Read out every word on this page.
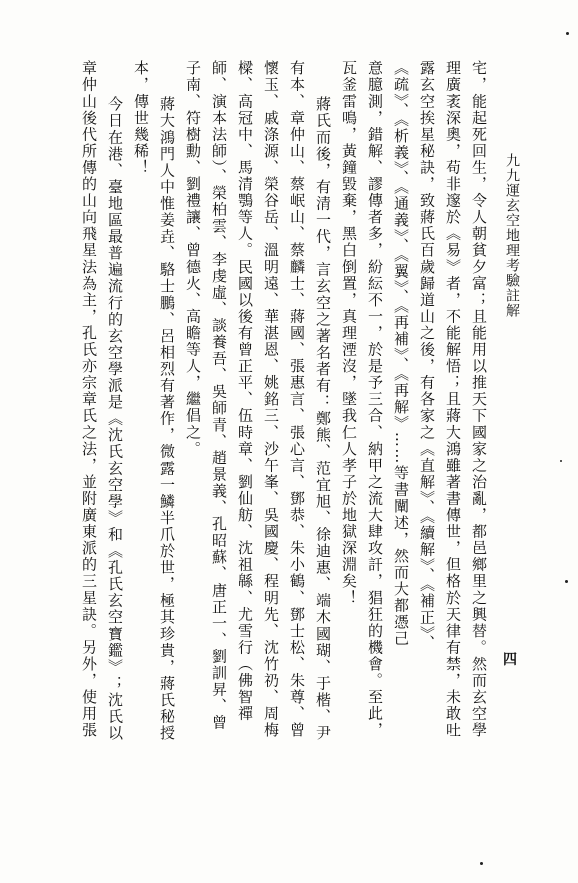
九九運玄空地理考驗註解
四
宅，能起死回生，令人朝貧夕富；且能用以推天下國家之治亂，都邑鄉里之興替。然而玄空學
理廣袤深奧，苟非邃於《易》者，不能解悟；且蔣大鴻雖著書傳世，但格於天律有禁，未敢吐
露玄空挨星秘訣，致蔣氏百歲歸道山之後，有各家之《直解》、《續解》、《補正》、
《疏》、《析義》、《通義》、《翼》、《再補》、《再解》……等書闡述，然而大都憑己
意臆測，錯解、謬傳者多，紛紜不一，於是予三合、納甲之流大肆攻訐，猖狂的機會。至此，
瓦釜雷鳴，黃鐘毀棄，黑白倒置，真理湮沒，墜我仁人孝子於地獄深淵矣！
蔣氏而後，有清一代，言玄空之著名者有：鄭熊、范宜旭、徐迪惠、端木國瑚、于楷、尹
有本、章仲山、蔡岷山、蔡麟士、蔣國、張惠言、張心言、鄧恭、朱小鶴、鄧士松、朱尊、曾
懷玉、戚涤源、榮谷岳、溫明遠、華湛恩、姚銘三、沙午峯、吳國慶、程明先、沈竹礽、周梅
樑、高冠中、馬清鶚等人。民國以後有曾正平、伍時章、劉仙舫、沈祖緜、尤雪行（佛智禪
師、演本法師）、榮柏雲、李虔虛、談養吾、吳師青、趙景義、孔昭蘇、唐正一、劉訓昇、曾
子南、符樹勳、劉禮讓、曾德火、高瞻等人，繼倡之。
蔣大鴻門人中惟姜垚、駱士鵬、呂相烈有著作，微露一鱗半爪於世，極其珍貴，蔣氏秘授
本，傳世幾稀！
今日在港、臺地區最普遍流行的玄空學派是《沈氏玄空學》和《孔氏玄空寶鑑》；沈氏以
章仲山後代所傳的山向飛星法為主，孔氏亦宗章氏之法，並附廣東派的三星訣。另外，使用張
